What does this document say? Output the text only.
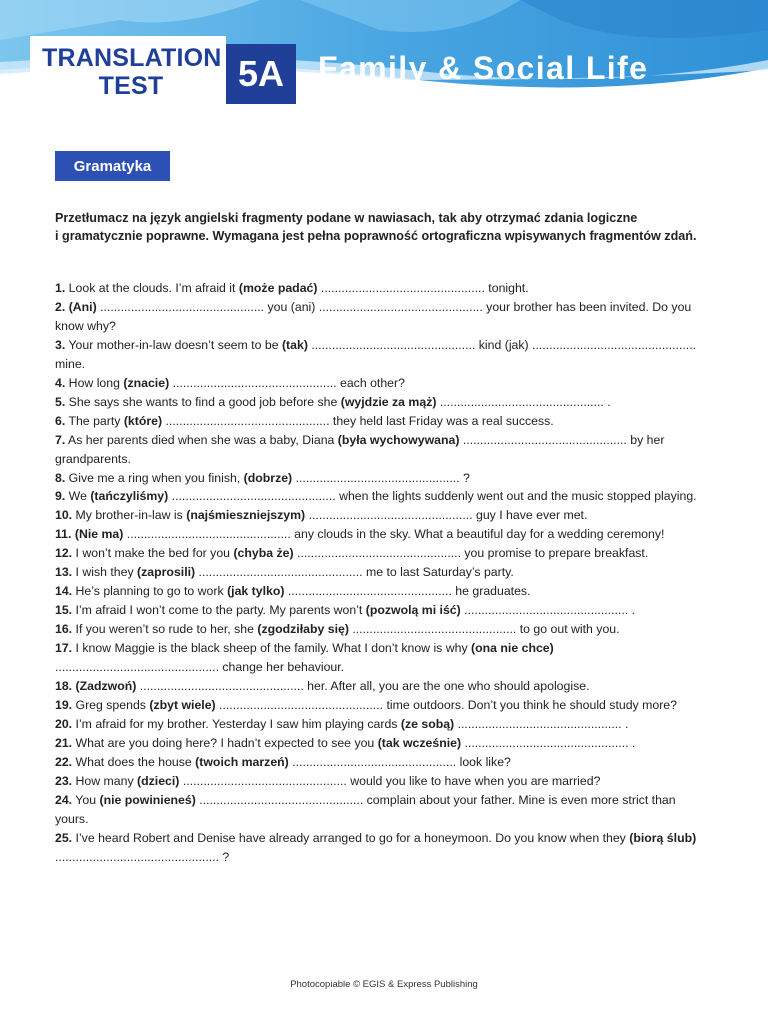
TRANSLATION
TEST	5A	Family & Social Life
Gramatyka
Przetłumacz na język angielski fragmenty podane w nawiasach, tak aby otrzymać zdania logiczne
i gramatycznie poprawne. Wymagana jest pełna poprawność ortograficzna wpisywanych fragmentów zdań.
1. Look at the clouds. I’m afraid it (może padać) ................................................ tonight.
2. (Ani) ................................................ you (ani) ................................................ your brother has been invited. Do you know why?
3. Your mother-in-law doesn’t seem to be (tak) ................................................ kind (jak) ................................................ mine.
4. How long (znacie) ................................................ each other?
5. She says she wants to find a good job before she (wyjdzie za mąż) ................................................ .
6. The party (które) ................................................ they held last Friday was a real success.
7. As her parents died when she was a baby, Diana (była wychowywana) ................................................ by her grandparents.
8. Give me a ring when you finish, (dobrze) ................................................ ?
9. We (tańczyliśmy) ................................................ when the lights suddenly went out and the music stopped playing.
10. My brother-in-law is (najśmieszniejszym) ................................................ guy I have ever met.
11. (Nie ma) ................................................ any clouds in the sky. What a beautiful day for a wedding ceremony!
12. I won’t make the bed for you (chyba że) ................................................ you promise to prepare breakfast.
13. I wish they (zaprosili) ................................................ me to last Saturday’s party.
14. He’s planning to go to work (jak tylko) ................................................ he graduates.
15. I’m afraid I won’t come to the party. My parents won’t (pozwolą mi iść) ................................................ .
16. If you weren’t so rude to her, she (zgodziłaby się) ................................................ to go out with you.
17. I know Maggie is the black sheep of the family. What I don’t know is why (ona nie chce) ................................................ change her behaviour.
18. (Zadzwoń) ................................................ her. After all, you are the one who should apologise.
19. Greg spends (zbyt wiele) ................................................ time outdoors. Don’t you think he should study more?
20. I’m afraid for my brother. Yesterday I saw him playing cards (ze sobą) ................................................ .
21. What are you doing here? I hadn’t expected to see you (tak wcześnie) ................................................ .
22. What does the house (twoich marzeń) ................................................ look like?
23. How many (dzieci) ................................................ would you like to have when you are married?
24. You (nie powinieneś) ................................................ complain about your father. Mine is even more strict than yours.
25. I’ve heard Robert and Denise have already arranged to go for a honeymoon. Do you know when they (biorą ślub) ................................................ ?
Photocopiable © EGIS & Express Publishing
